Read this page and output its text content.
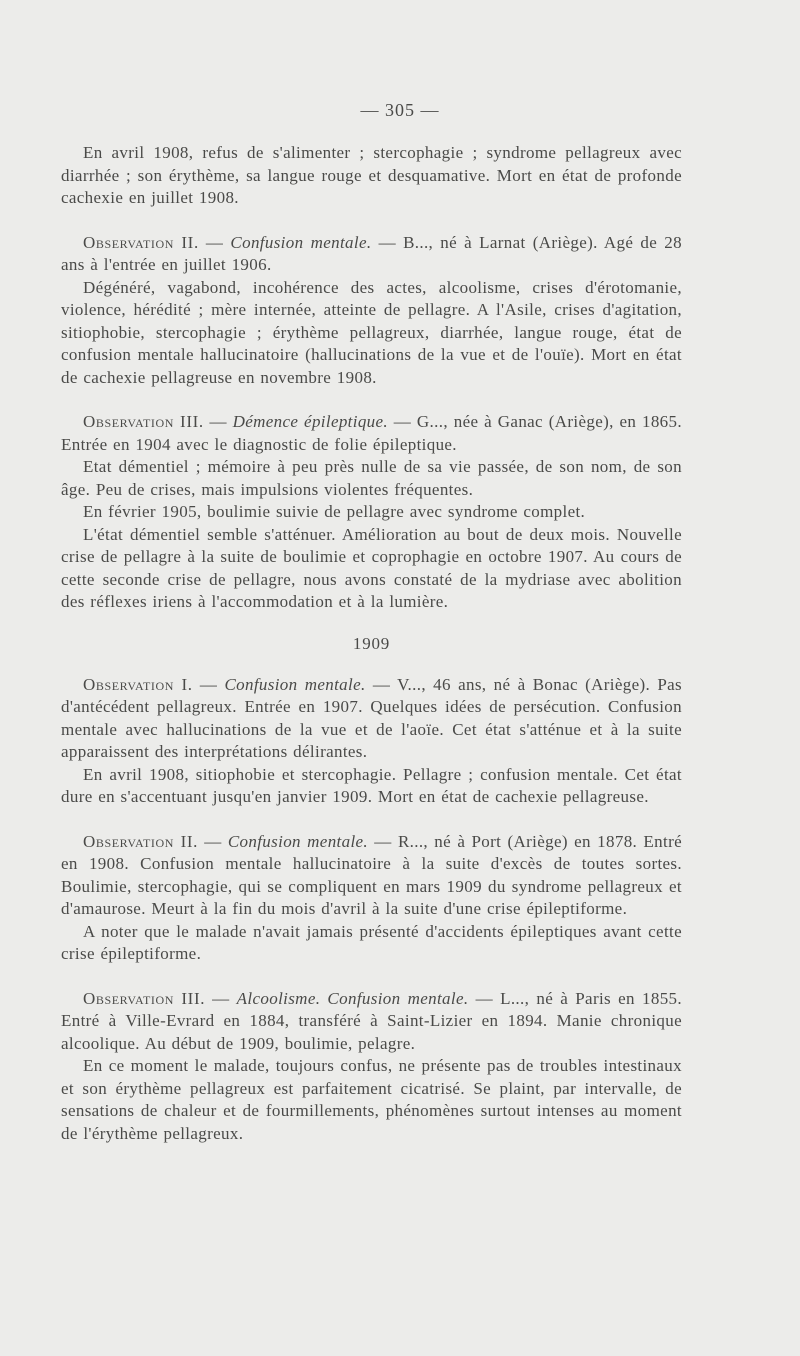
— 305 —

En avril 1908, refus de s'alimenter ; stercophagie ; syndrome pellagreux avec diarrhée ; son érythème, sa langue rouge et desquamative. Mort en état de profonde cachexie en juillet 1908.

Observation II. — Confusion mentale. — B..., né à Larnat (Ariège). Agé de 28 ans à l'entrée en juillet 1906.

Dégénéré, vagabond, incohérence des actes, alcoolisme, crises d'érotomanie, violence, hérédité ; mère internée, atteinte de pellagre. A l'Asile, crises d'agitation, sitiophobie, stercophagie ; érythème pellagreux, diarrhée, langue rouge, état de confusion mentale hallucinatoire (hallucinations de la vue et de l'ouïe). Mort en état de cachexie pellagreuse en novembre 1908.

Observation III. — Démence épileptique. — G..., née à Ganac (Ariège), en 1865. Entrée en 1904 avec le diagnostic de folie épileptique.

Etat démentiel ; mémoire à peu près nulle de sa vie passée, de son nom, de son âge. Peu de crises, mais impulsions violentes fréquentes.

En février 1905, boulimie suivie de pellagre avec syndrome complet.

L'état démentiel semble s'atténuer. Amélioration au bout de deux mois. Nouvelle crise de pellagre à la suite de boulimie et coprophagie en octobre 1907. Au cours de cette seconde crise de pellagre, nous avons constaté de la mydriase avec abolition des réflexes iriens à l'accommodation et à la lumière.

1909

Observation I. — Confusion mentale. — V..., 46 ans, né à Bonac (Ariège). Pas d'antécédent pellagreux. Entrée en 1907. Quelques idées de persécution. Confusion mentale avec hallucinations de la vue et de l'aoïe. Cet état s'atténue et à la suite apparaissent des interprétations délirantes.

En avril 1908, sitiophobie et stercophagie. Pellagre ; confusion mentale. Cet état dure en s'accentuant jusqu'en janvier 1909. Mort en état de cachexie pellagreuse.

Observation II. — Confusion mentale. — R..., né à Port (Ariège) en 1878. Entré en 1908. Confusion mentale hallucinatoire à la suite d'excès de toutes sortes. Boulimie, stercophagie, qui se compliquent en mars 1909 du syndrome pellagreux et d'amaurose. Meurt à la fin du mois d'avril à la suite d'une crise épileptiforme.

A noter que le malade n'avait jamais présenté d'accidents épileptiques avant cette crise épileptiforme.

Observation III. — Alcoolisme. Confusion mentale. — L..., né à Paris en 1855. Entré à Ville-Evrard en 1884, transféré à Saint-Lizier en 1894. Manie chronique alcoolique. Au début de 1909, boulimie, pelagre.

En ce moment le malade, toujours confus, ne présente pas de troubles intestinaux et son érythème pellagreux est parfaitement cicatrisé. Se plaint, par intervalle, de sensations de chaleur et de fourmillements, phénomènes surtout intenses au moment de l'érythème pellagreux.
